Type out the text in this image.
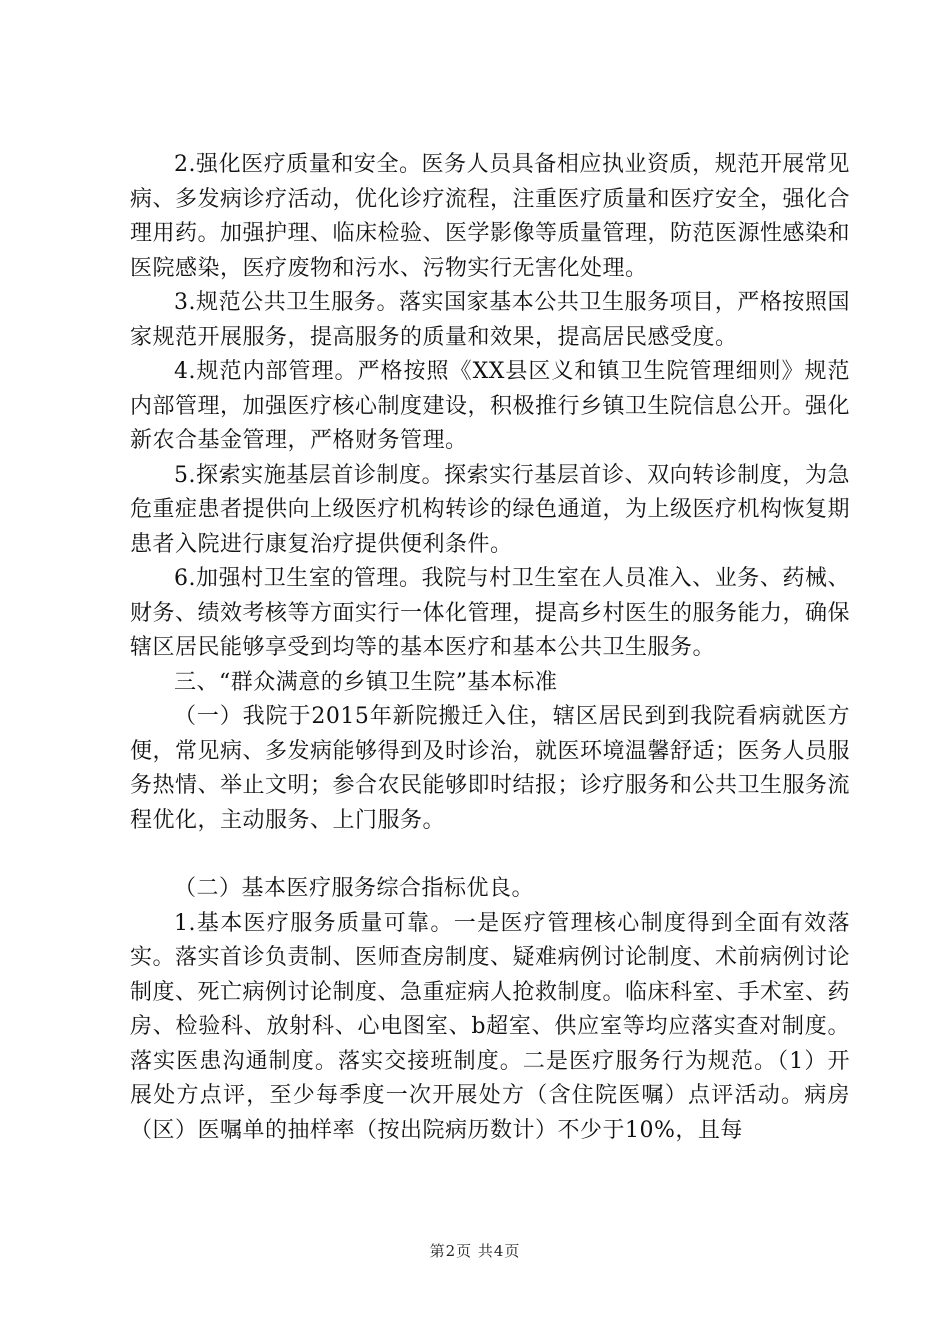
2.强化医疗质量和安全。医务人员具备相应执业资质，规范开展常见病、多发病诊疗活动，优化诊疗流程，注重医疗质量和医疗安全，强化合理用药。加强护理、临床检验、医学影像等质量管理，防范医源性感染和医院感染，医疗废物和污水、污物实行无害化处理。

3.规范公共卫生服务。落实国家基本公共卫生服务项目，严格按照国家规范开展服务，提高服务的质量和效果，提高居民感受度。

4.规范内部管理。严格按照《XX县区义和镇卫生院管理细则》规范内部管理，加强医疗核心制度建设，积极推行乡镇卫生院信息公开。强化新农合基金管理，严格财务管理。

5.探索实施基层首诊制度。探索实行基层首诊、双向转诊制度，为急危重症患者提供向上级医疗机构转诊的绿色通道，为上级医疗机构恢复期患者入院进行康复治疗提供便利条件。

6.加强村卫生室的管理。我院与村卫生室在人员准入、业务、药械、财务、绩效考核等方面实行一体化管理，提高乡村医生的服务能力，确保辖区居民能够享受到均等的基本医疗和基本公共卫生服务。

三、“群众满意的乡镇卫生院”基本标准

（一）我院于2015年新院搬迁入住，辖区居民到到我院看病就医方便，常见病、多发病能够得到及时诊治，就医环境温馨舒适；医务人员服务热情、举止文明；参合农民能够即时结报；诊疗服务和公共卫生服务流程优化，主动服务、上门服务。

（二）基本医疗服务综合指标优良。

1.基本医疗服务质量可靠。一是医疗管理核心制度得到全面有效落实。落实首诊负责制、医师查房制度、疑难病例讨论制度、术前病例讨论制度、死亡病例讨论制度、急重症病人抢救制度。临床科室、手术室、药房、检验科、放射科、心电图室、b超室、供应室等均应落实查对制度。落实医患沟通制度。落实交接班制度。二是医疗服务行为规范。（1）开展处方点评，至少每季度一次开展处方（含住院医嘱）点评活动。病房（区）医嘱单的抽样率（按出院病历数计）不少于10%，且每

第2页 共4页
